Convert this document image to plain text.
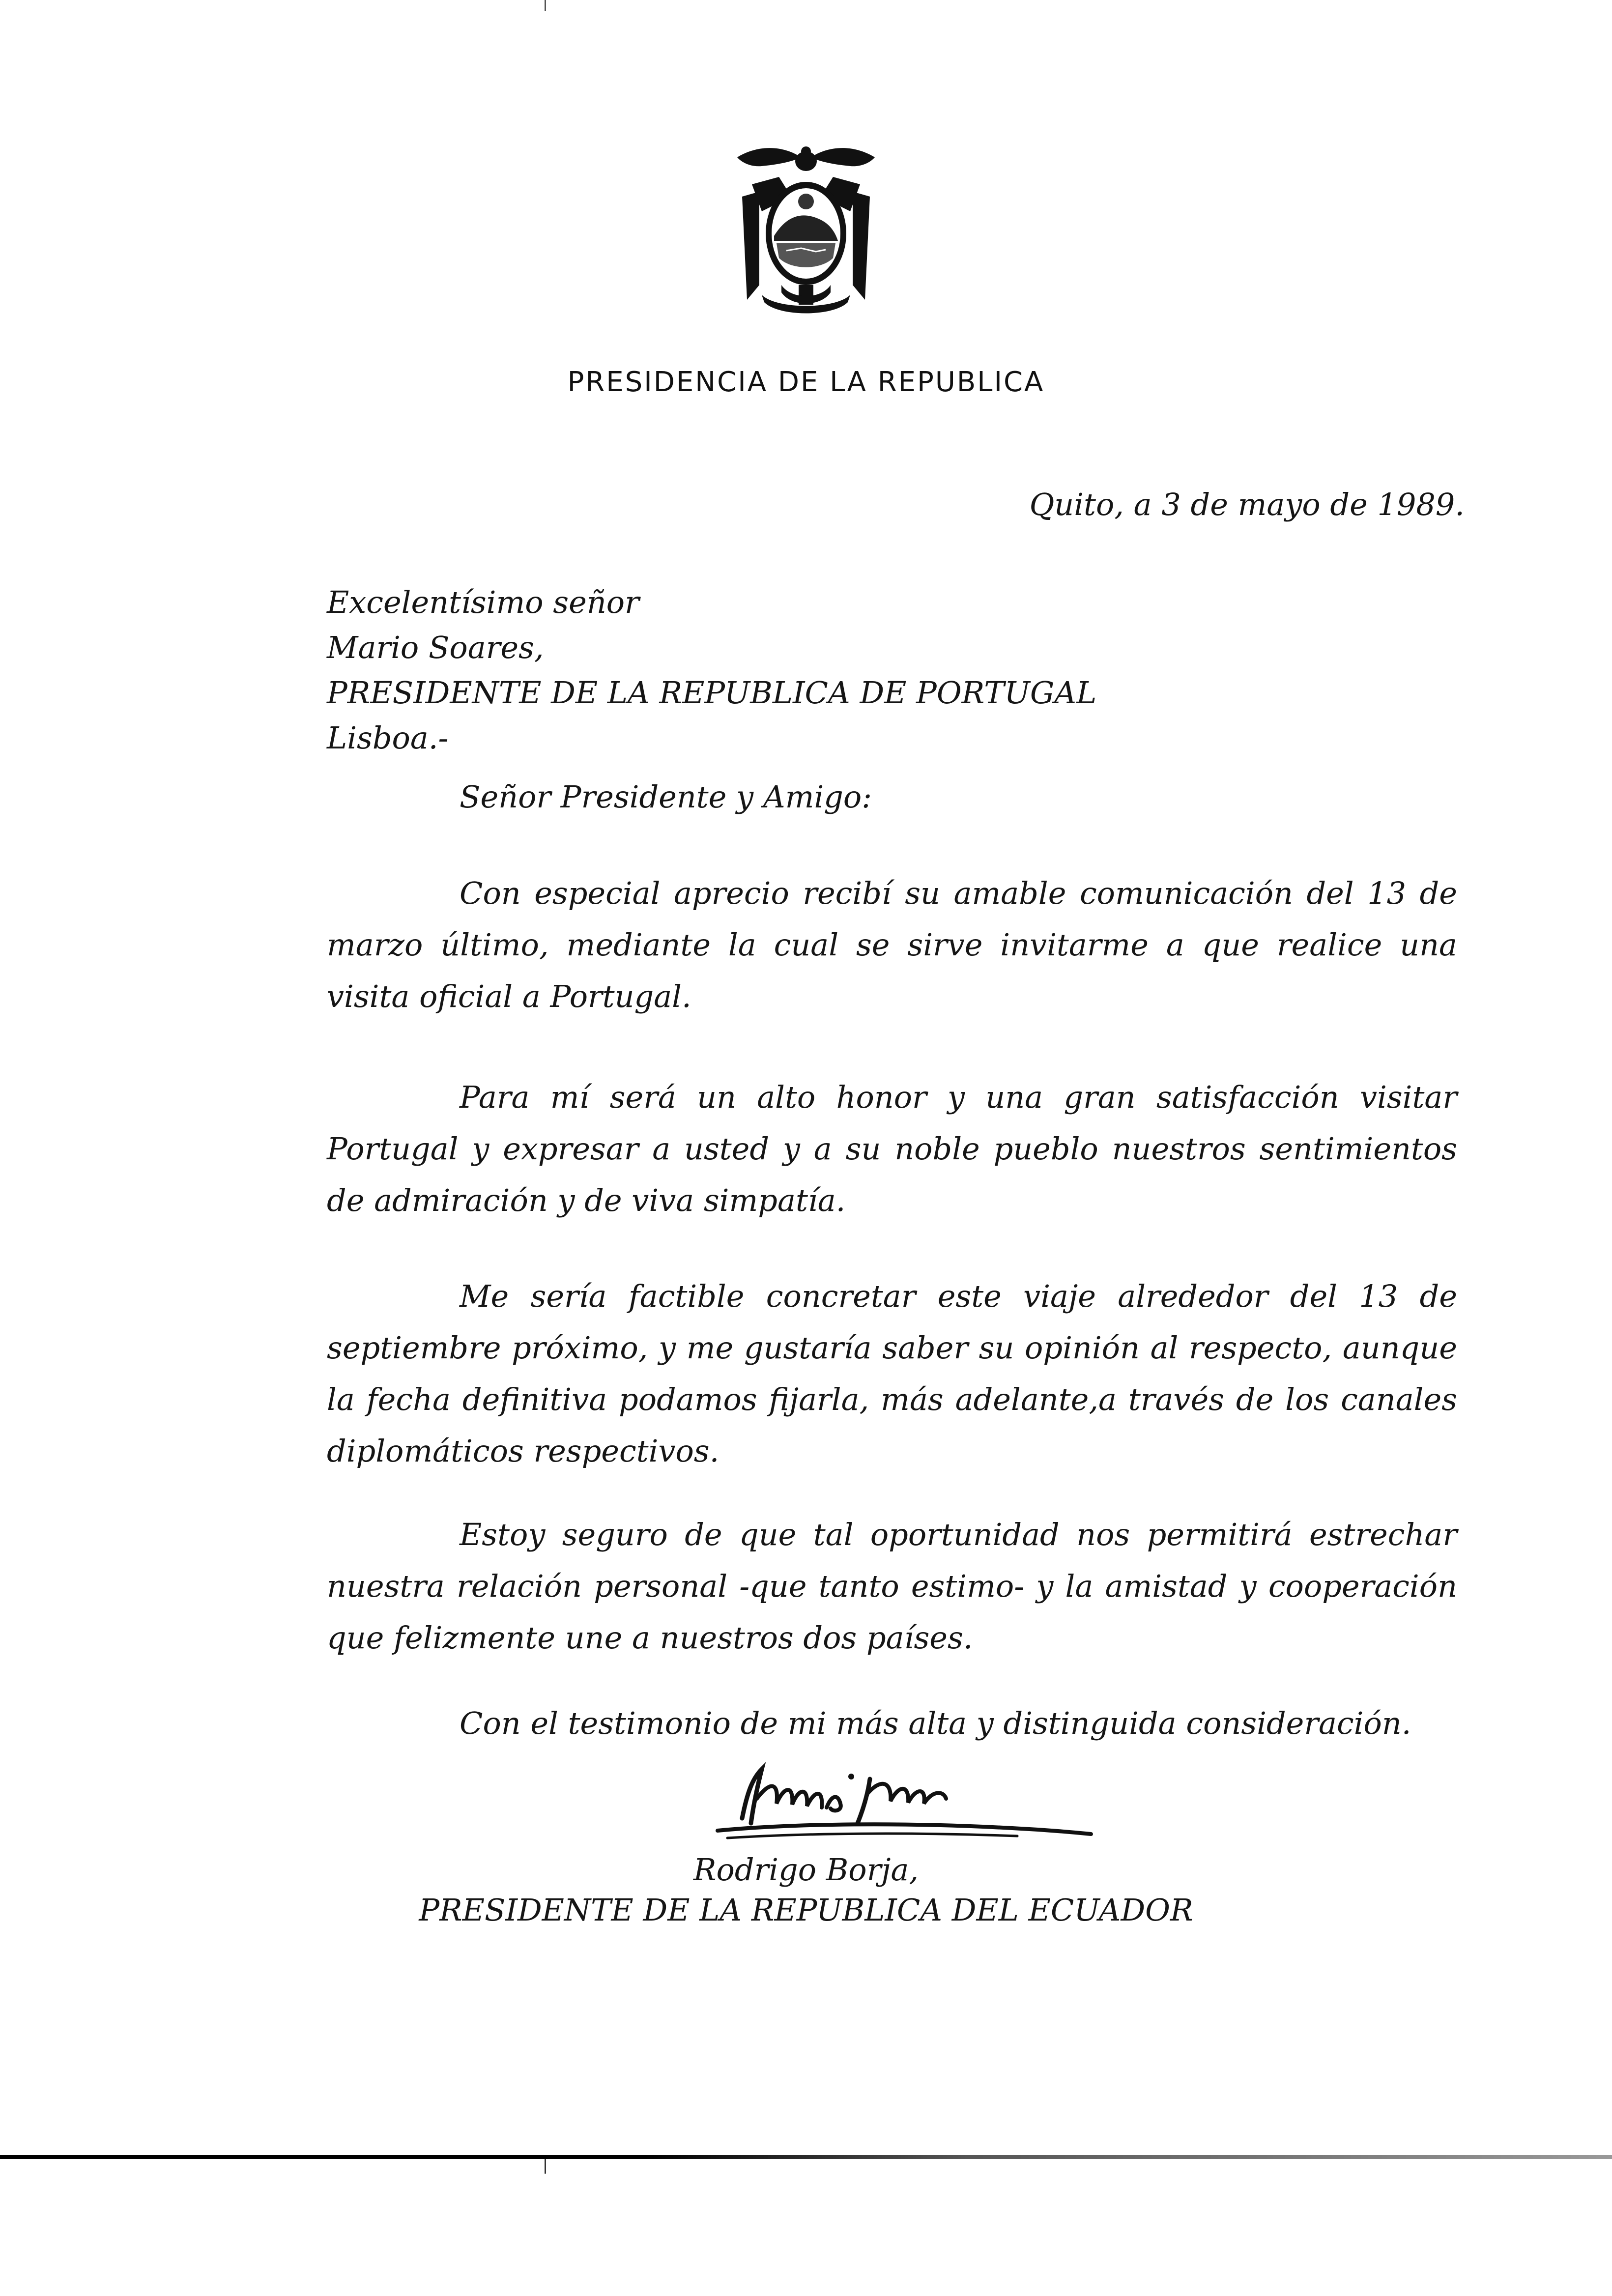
PRESIDENCIA DE LA REPUBLICA
Quito, a 3 de mayo de 1989.
Excelentísimo señor
Mario Soares,
PRESIDENTE DE LA REPUBLICA DE PORTUGAL
Lisboa.-
Señor Presidente y Amigo:
Con especial aprecio recibí su amable comunicación del 13 de marzo último, mediante la cual se sirve invitarme a que realice una visita oficial a Portugal.
Para mí será un alto honor y una gran satisfacción visitar Portugal y expresar a usted y a su noble pueblo nuestros sentimientos de admiración y de viva simpatía.
Me sería factible concretar este viaje alrededor del 13 de septiembre próximo, y me gustaría saber su opinión al respecto, aunque la fecha definitiva podamos fijarla, más adelante,a través de los canales diplomáticos respectivos.
Estoy seguro de que tal oportunidad nos permitirá estrechar nuestra relación personal -que tanto estimo- y la amistad y cooperación que felizmente une a nuestros dos países.
Con el testimonio de mi más alta y distinguida consideración.
Rodrigo Borja,
PRESIDENTE DE LA REPUBLICA DEL ECUADOR
